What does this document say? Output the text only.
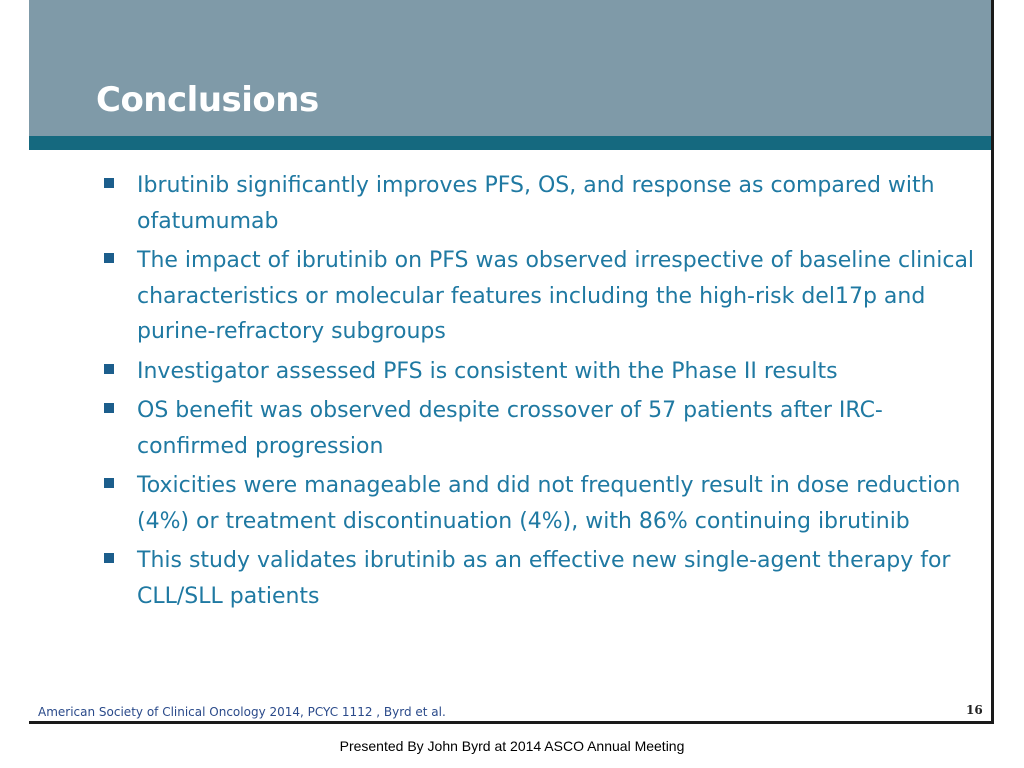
Conclusions
Ibrutinib significantly improves PFS, OS, and response as compared with ofatumumab
The impact of ibrutinib on PFS was observed irrespective of baseline clinical characteristics or molecular features including the high-risk del17p and purine-refractory subgroups
Investigator assessed PFS is consistent with the Phase II results
OS benefit was observed despite crossover of 57 patients after IRC-confirmed progression
Toxicities were manageable and did not frequently result in dose reduction (4%) or treatment discontinuation (4%), with 86% continuing ibrutinib
This study validates ibrutinib as an effective new single-agent therapy for CLL/SLL patients
American Society of Clinical Oncology 2014, PCYC 1112 , Byrd et al.	16
Presented By John Byrd at 2014 ASCO Annual Meeting
